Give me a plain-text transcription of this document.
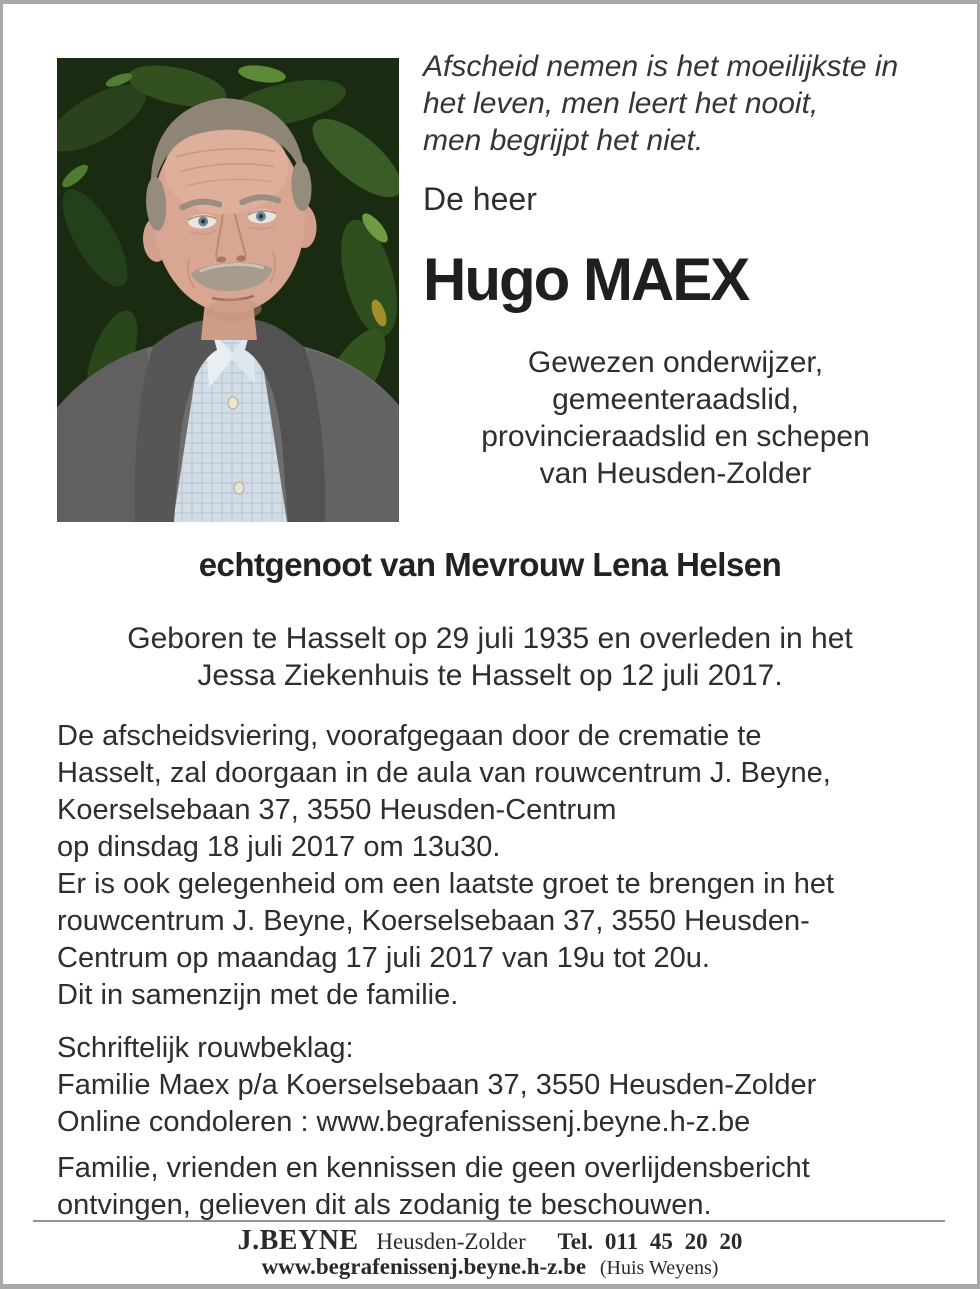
Afscheid nemen is het moeilijkste in
het leven, men leert het nooit,
men begrijpt het niet.
De heer
Hugo MAEX
Gewezen onderwijzer,
gemeenteraadslid,
provincieraadslid en schepen
van Heusden-Zolder
echtgenoot van Mevrouw Lena Helsen
Geboren te Hasselt op 29 juli 1935 en overleden in het
Jessa Ziekenhuis te Hasselt op 12 juli 2017.
De afscheidsviering, voorafgegaan door de crematie te
Hasselt, zal doorgaan in de aula van rouwcentrum J. Beyne,
Koerselsebaan 37, 3550 Heusden-Centrum
op dinsdag 18 juli 2017 om 13u30.
Er is ook gelegenheid om een laatste groet te brengen in het
rouwcentrum J. Beyne, Koerselsebaan 37, 3550 Heusden-
Centrum op maandag 17 juli 2017 van 19u tot 20u.
Dit in samenzijn met de familie.
Schriftelijk rouwbeklag:
Familie Maex p/a Koerselsebaan 37, 3550 Heusden-Zolder
Online condoleren : www.begrafenissenj.beyne.h-z.be
Familie, vrienden en kennissen die geen overlijdensbericht
ontvingen, gelieven dit als zodanig te beschouwen.
J.BEYNE Heusden-Zolder Tel. 011 45 20 20
www.begrafenissenj.beyne.h-z.be (Huis Weyens)
